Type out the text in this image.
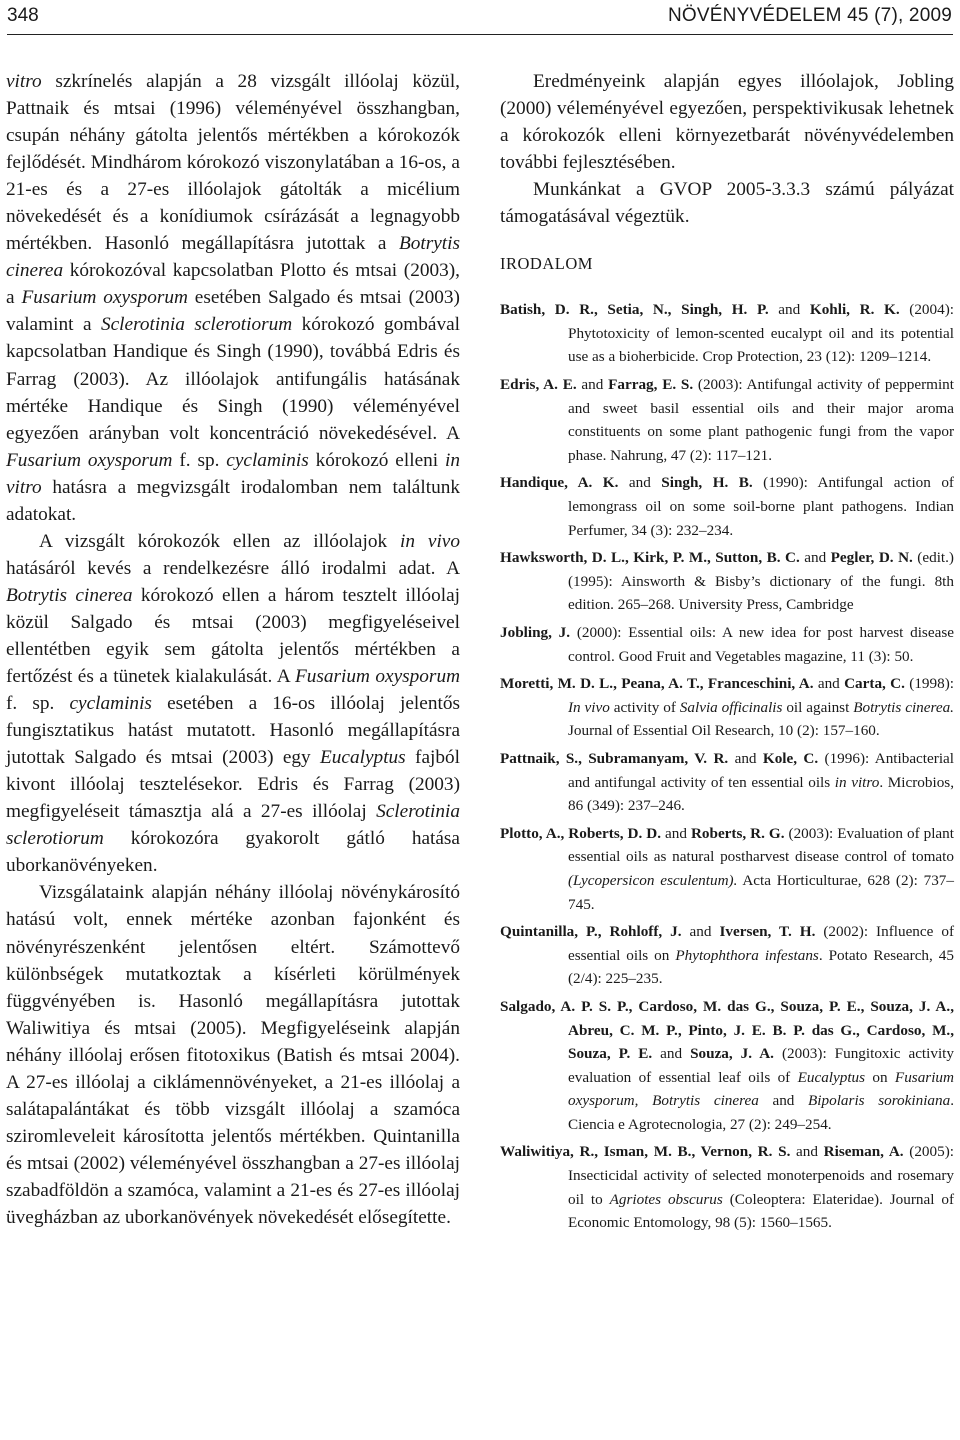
348	NÖVÉNYVÉDELEM 45 (7), 2009

vitro szkrínelés alapján a 28 vizsgált illóolaj közül, Pattnaik és mtsai (1996) véleményével összhangban, csupán néhány gátolta jelentős mértékben a kórokozók fejlődését. Mindhárom kórokozó viszonylatában a 16-os, a 21-es és a 27-es illóolajok gátolták a micélium növekedését és a konídiumok csírázását a legnagyobb mértékben. Hasonló megállapításra jutottak a Botrytis cinerea kórokozóval kapcsolatban Plotto és mtsai (2003), a Fusarium oxysporum esetében Salgado és mtsai (2003) valamint a Sclerotinia sclerotiorum kórokozó gombával kapcsolatban Handique és Singh (1990), továbbá Edris és Farrag (2003). Az illóolajok antifungális hatásának mértéke Handique és Singh (1990) véleményével egyezően arányban volt koncentráció növekedésével. A Fusarium oxysporum f. sp. cyclaminis kórokozó elleni in vitro hatásra a megvizsgált irodalomban nem találtunk adatokat.

A vizsgált kórokozók ellen az illóolajok in vivo hatásáról kevés a rendelkezésre álló irodalmi adat. A Botrytis cinerea kórokozó ellen a három tesztelt illóolaj közül Salgado és mtsai (2003) megfigyeléseivel ellentétben egyik sem gátolta jelentős mértékben a fertőzést és a tünetek kialakulását. A Fusarium oxysporum f. sp. cyclaminis esetében a 16-os illóolaj jelentős fungisztatikus hatást mutatott. Hasonló megállapításra jutottak Salgado és mtsai (2003) egy Eucalyptus fajból kivont illóolaj tesztelésekor. Edris és Farrag (2003) megfigyeléseit támasztja alá a 27-es illóolaj Sclerotinia sclerotiorum kórokozóra gyakorolt gátló hatása uborkanövényeken.

Vizsgálataink alapján néhány illóolaj növénykárosító hatású volt, ennek mértéke azonban fajonként és növényrészenként jelentősen eltért. Számottevő különbségek mutatkoztak a kísérleti körülmények függvényében is. Hasonló megállapításra jutottak Waliwitiya és mtsai (2005). Megfigyeléseink alapján néhány illóolaj erősen fitotoxikus (Batish és mtsai 2004). A 27-es illóolaj a ciklámennövényeket, a 21-es illóolaj a salátapalántákat és több vizsgált illóolaj a szamóca sziromleveleit károsította jelentős mértékben. Quintanilla és mtsai (2002) véleményével összhangban a 27-es illóolaj szabadföldön a szamóca, valamint a 21-es és 27-es illóolaj üvegházban az uborkanövények növekedését elősegítette.

Eredményeink alapján egyes illóolajok, Jobling (2000) véleményével egyezően, perspektivikusak lehetnek a kórokozók elleni környezetbarát növényvédelemben további fejlesztésében.

Munkánkat a GVOP 2005-3.3.3 számú pályázat támogatásával végeztük.

IRODALOM

Batish, D. R., Setia, N., Singh, H. P. and Kohli, R. K. (2004): Phytotoxicity of lemon-scented eucalypt oil and its potential use as a bioherbicide. Crop Protection, 23 (12): 1209–1214.

Edris, A. E. and Farrag, E. S. (2003): Antifungal activity of peppermint and sweet basil essential oils and their major aroma constituents on some plant pathogenic fungi from the vapor phase. Nahrung, 47 (2): 117–121.

Handique, A. K. and Singh, H. B. (1990): Antifungal action of lemongrass oil on some soil-borne plant pathogens. Indian Perfumer, 34 (3): 232–234.

Hawksworth, D. L., Kirk, P. M., Sutton, B. C. and Pegler, D. N. (edit.) (1995): Ainsworth & Bisby’s dictionary of the fungi. 8th edition. 265–268. University Press, Cambridge

Jobling, J. (2000): Essential oils: A new idea for post harvest disease control. Good Fruit and Vegetables magazine, 11 (3): 50.

Moretti, M. D. L., Peana, A. T., Franceschini, A. and Carta, C. (1998): In vivo activity of Salvia officinalis oil against Botrytis cinerea. Journal of Essential Oil Research, 10 (2): 157–160.

Pattnaik, S., Subramanyam, V. R. and Kole, C. (1996): Antibacterial and antifungal activity of ten essential oils in vitro. Microbios, 86 (349): 237–246.

Plotto, A., Roberts, D. D. and Roberts, R. G. (2003): Evaluation of plant essential oils as natural postharvest disease control of tomato (Lycopersicon esculentum). Acta Horticulturae, 628 (2): 737–745.

Quintanilla, P., Rohloff, J. and Iversen, T. H. (2002): Influence of essential oils on Phytophthora infestans. Potato Research, 45 (2/4): 225–235.

Salgado, A. P. S. P., Cardoso, M. das G., Souza, P. E., Souza, J. A., Abreu, C. M. P., Pinto, J. E. B. P. das G., Cardoso, M., Souza, P. E. and Souza, J. A. (2003): Fungitoxic activity evaluation of essential leaf oils of Eucalyptus on Fusarium oxysporum, Botrytis cinerea and Bipolaris sorokiniana. Ciencia e Agrotecnologia, 27 (2): 249–254.

Waliwitiya, R., Isman, M. B., Vernon, R. S. and Riseman, A. (2005): Insecticidal activity of selected monoterpenoids and rosemary oil to Agriotes obscurus (Coleoptera: Elateridae). Journal of Economic Entomology, 98 (5): 1560–1565.
